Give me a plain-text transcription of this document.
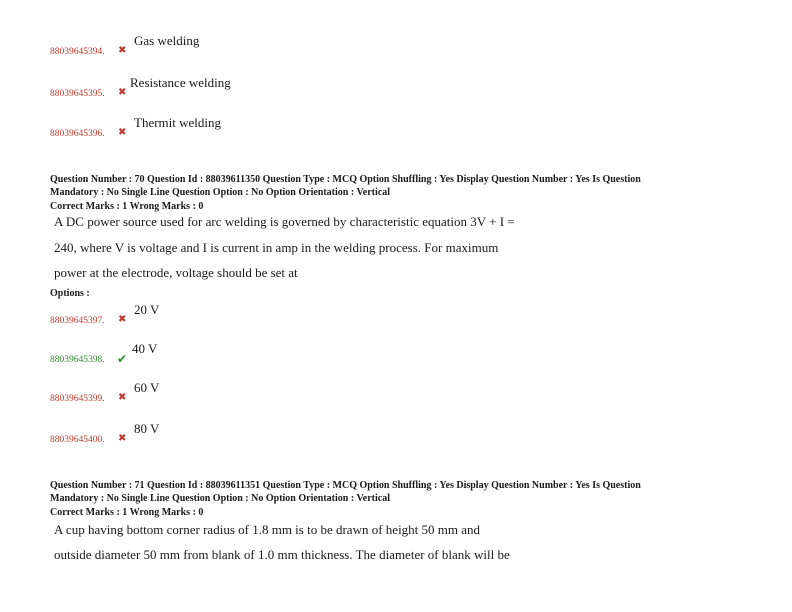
88039645394. ✖
Gas welding
88039645395. ✖
Resistance welding
88039645396. ✖
Thermit welding
Question Number : 70 Question Id : 88039611350 Question Type : MCQ Option Shuffling : Yes Display Question Number : Yes Is Question
Mandatory : No Single Line Question Option : No Option Orientation : Vertical
Correct Marks : 1 Wrong Marks : 0
A DC power source used for arc welding is governed by characteristic equation 3V + I =
240, where V is voltage and I is current in amp in the welding process. For maximum
power at the electrode, voltage should be set at
Options :
88039645397. ✖
20 V
88039645398. ✔
40 V
88039645399. ✖
60 V
88039645400. ✖
80 V
Question Number : 71 Question Id : 88039611351 Question Type : MCQ Option Shuffling : Yes Display Question Number : Yes Is Question
Mandatory : No Single Line Question Option : No Option Orientation : Vertical
Correct Marks : 1 Wrong Marks : 0
A cup having bottom corner radius of 1.8 mm is to be drawn of height 50 mm and
outside diameter 50 mm from blank of 1.0 mm thickness. The diameter of blank will be
